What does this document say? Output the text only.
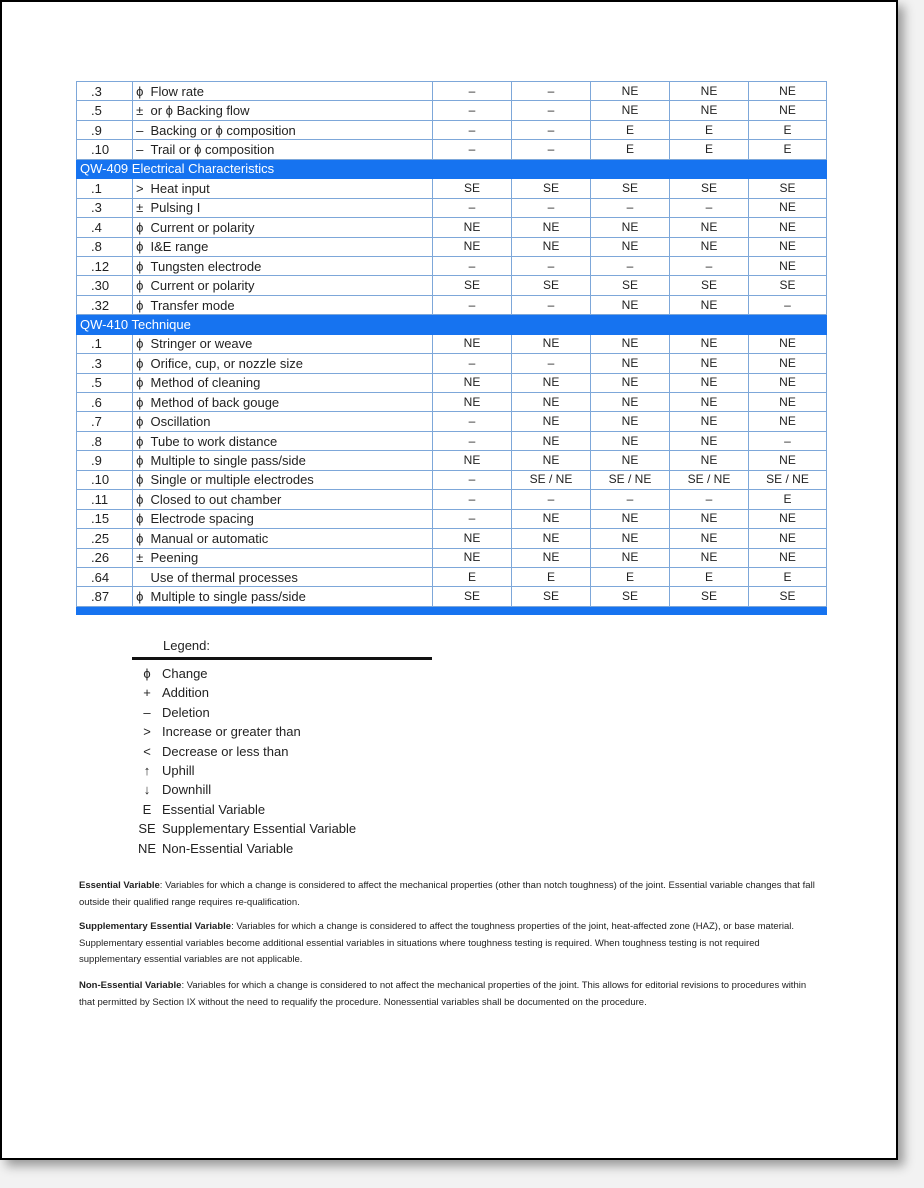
.3	ϕ	Flow rate	–	–	NE	NE	NE
.5	±	or ϕ Backing flow	–	–	NE	NE	NE
.9	–	Backing or ϕ composition	–	–	E	E	E
.10	–	Trail or ϕ composition	–	–	E	E	E
QW-409 Electrical Characteristics							
.1	>	Heat input	SE	SE	SE	SE	SE
.3	±	Pulsing I	–	–	–	–	NE
.4	ϕ	Current or polarity	NE	NE	NE	NE	NE
.8	ϕ	I&E range	NE	NE	NE	NE	NE
.12	ϕ	Tungsten electrode	–	–	–	–	NE
.30	ϕ	Current or polarity	SE	SE	SE	SE	SE
.32	ϕ	Transfer mode	–	–	NE	NE	–
QW-410 Technique							
.1	ϕ	Stringer or weave	NE	NE	NE	NE	NE
.3	ϕ	Orifice, cup, or nozzle size	–	–	NE	NE	NE
.5	ϕ	Method of cleaning	NE	NE	NE	NE	NE
.6	ϕ	Method of back gouge	NE	NE	NE	NE	NE
.7	ϕ	Oscillation	–	NE	NE	NE	NE
.8	ϕ	Tube to work distance	–	NE	NE	NE	–
.9	ϕ	Multiple to single pass/side	NE	NE	NE	NE	NE
.10	ϕ	Single or multiple electrodes	–	SE / NE	SE / NE	SE / NE	SE / NE
.11	ϕ	Closed to out chamber	–	–	–	–	E
.15	ϕ	Electrode spacing	–	NE	NE	NE	NE
.25	ϕ	Manual or automatic	NE	NE	NE	NE	NE
.26	±	Peening	NE	NE	NE	NE	NE
.64		Use of thermal processes	E	E	E	E	E
.87	ϕ	Multiple to single pass/side	SE	SE	SE	SE	SE

Legend:
ϕ Change
+ Addition
– Deletion
> Increase or greater than
< Decrease or less than
↑ Uphill
↓ Downhill
E Essential Variable
SE Supplementary Essential Variable
NE Non-Essential Variable

Essential Variable: Variables for which a change is considered to affect the mechanical properties (other than notch toughness) of the joint. Essential variable changes that fall outside their qualified range requires re-qualification.

Supplementary Essential Variable: Variables for which a change is considered to affect the toughness properties of the joint, heat-affected zone (HAZ), or base material. Supplementary essential variables become additional essential variables in situations where toughness testing is required. When toughness testing is not required supplementary essential variables are not applicable.

Non-Essential Variable: Variables for which a change is considered to not affect the mechanical properties of the joint. This allows for editorial revisions to procedures within that permitted by Section IX without the need to requalify the procedure. Nonessential variables shall be documented on the procedure.
